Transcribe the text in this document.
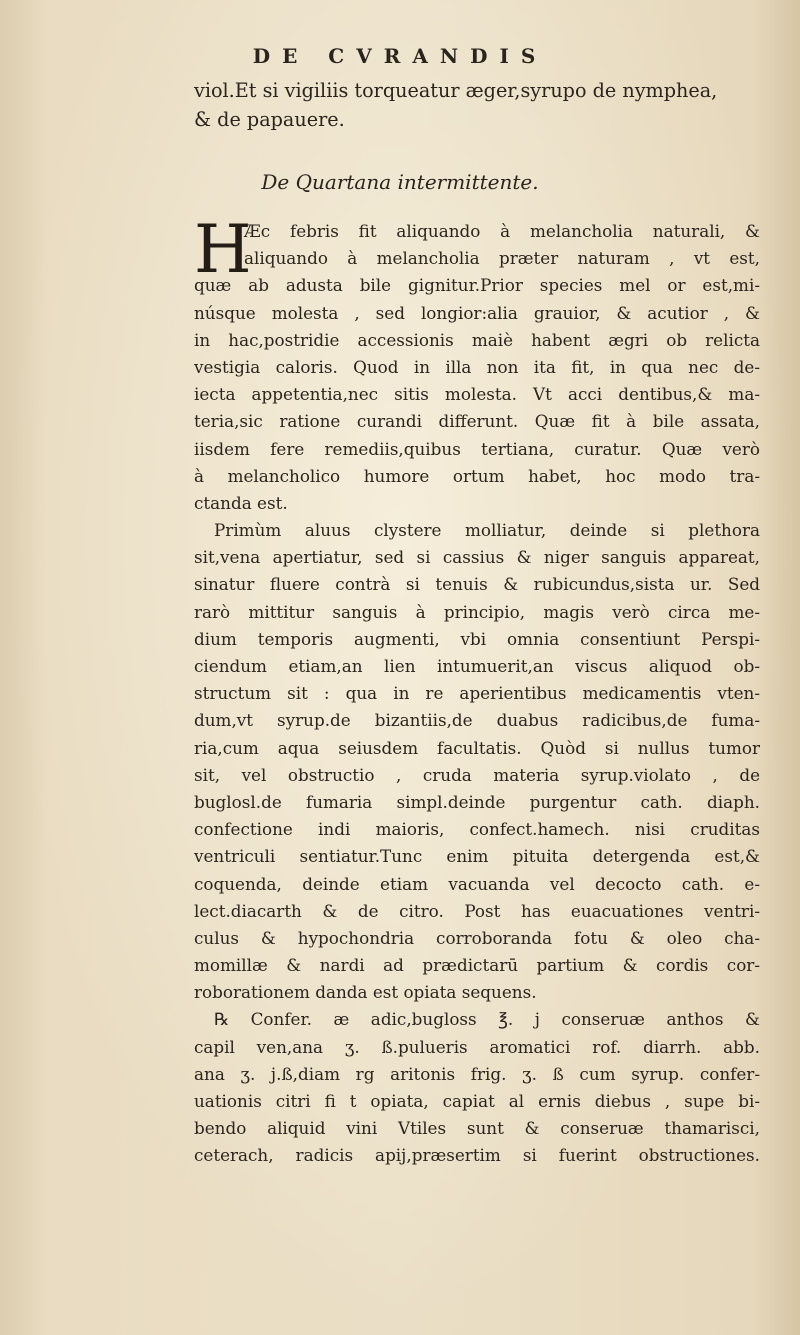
DE CVRANDIS
viol.Et si vigiliis torqueatur æger,syrupo de nymphea,
& de papauere.
De Quartana intermittente.
H
Æc febris fit aliquando à melancholia naturali, &
aliquando à melancholia præter naturam , vt est,
quæ ab adusta bile gignitur.Prior species mel or est,mi-
núsque molesta , sed longior:alia grauior, & acutior , &
in hac,postridie accessionis maiè habent ægri ob relicta
vestigia caloris. Quod in illa non ita fit, in qua nec de-
iecta appetentia,nec sitis molesta. Vt acci dentibus,& ma-
teria,sic ratione curandi differunt. Quæ fit à bile assata,
iisdem fere remediis,quibus tertiana, curatur. Quæ verò
à melancholico humore ortum habet, hoc modo tra-
ctanda est.
Primùm aluus clystere molliatur, deinde si plethora
sit,vena apertiatur, sed si cassius & niger sanguis appareat,
sinatur fluere contrà si tenuis & rubicundus,sista ur. Sed
rarò mittitur sanguis à principio, magis verò circa me-
dium temporis augmenti, vbi omnia consentiunt Perspi-
ciendum etiam,an lien intumuerit,an viscus aliquod ob-
structum sit : qua in re aperientibus medicamentis vten-
dum,vt syrup.de bizantiis,de duabus radicibus,de fuma-
ria,cum aqua seiusdem facultatis. Quòd si nullus tumor
sit, vel obstructio , cruda materia syrup.violato , de
buglosl.de fumaria simpl.deinde purgentur cath. diaph.
confectione indi maioris, confect.hamech. nisi cruditas
ventriculi sentiatur.Tunc enim pituita detergenda est,&
coquenda, deinde etiam vacuanda vel decocto cath. e-
lect.diacarth & de citro. Post has euacuationes ventri-
culus & hypochondria corroboranda fotu & oleo cha-
momillæ & nardi ad prædictarū partium & cordis cor-
roborationem danda est opiata sequens.
℞ Confer. æ adic,bugloss ℥. j conseruæ anthos &
capil ven,ana ʒ. ß.puluerіs aromatici rof. diarrh. abb.
ana ʒ. j.ß,diam rg aritonis frig. ʒ. ß cum syrup. confer-
uationis citri fi t opiata, capiat al ernis diebus , supe bi-
bendo aliquid vini Vtiles sunt & conseruæ thamarisci,
ceterach, radicis apij,præsertim si fuerint obstructiones.
